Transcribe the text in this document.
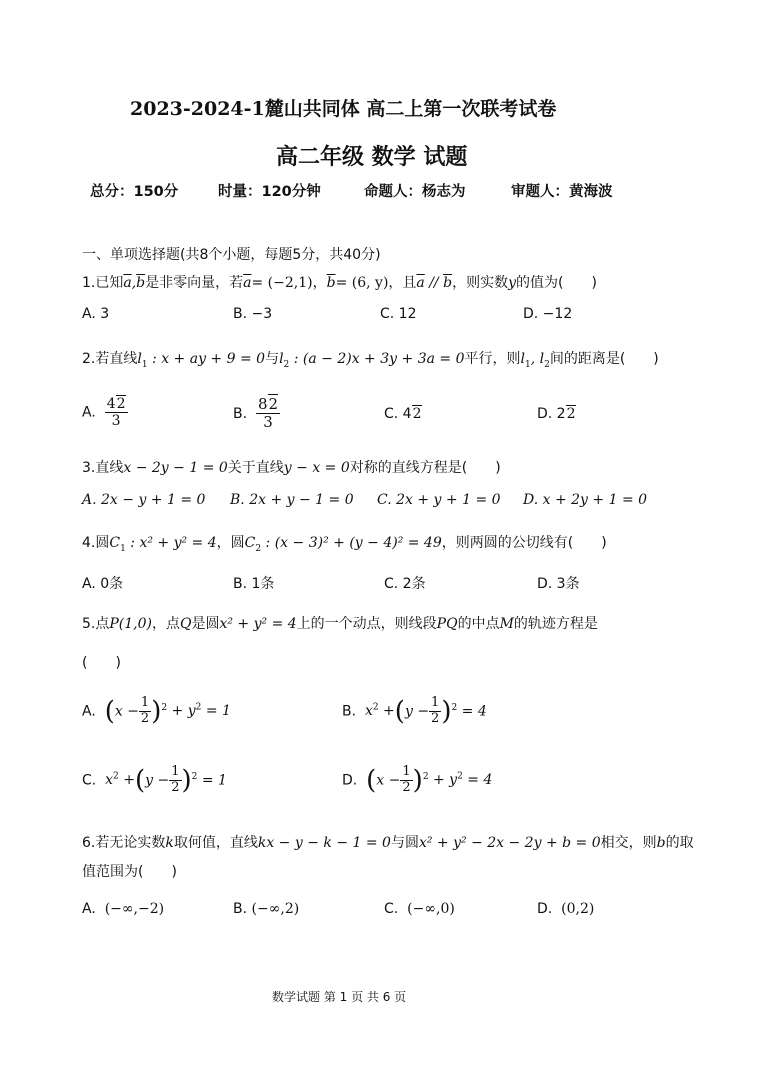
2023-2024-1麓山共同体 高二上第一次联考试卷
高二年级 数学 试题
总分：150分	时量：120分钟	命题人：杨志为	审题人：黄海波
一、单项选择题(共8个小题，每题5分，共40分)
1.已知$\overline{a},\overline{b}$是非零向量，若$\overline{a}= (-2,1)$，$\overline{b}= (6$, y)，且$\overline{a} // \overline{b}$，则实数y的值为(　　)
A. 3	B. −3	C. 12	D. −12
2.若直线$l_1$ : x + ay + 9 = 0与$l_2$ : (a − 2)x + 3y + 3a = 0平行，则$l_1$, $l_2$间的距离是(　　)
A. $\frac{42}{3}$	B. $\frac{82}{3}$	C. 42	D. 22
3.直线x − 2y − 1 = 0关于直线y − x = 0对称的直线方程是(　　)
A. 2x − y + 1 = 0 B. 2x + y − 1 = 0 C. 2x + y + 1 = 0 D. x + 2y + 1 = 0
4.圆$C_1$ : x² + y² = 4，圆$C_2$ : (x − 3)² + (y − 4)² = 49，则两圆的公切线有(　　)
A. 0条	B. 1条	C. 2条	D. 3条
5.点P(1,0)，点Q是圆x² + y² = 4上的一个动点，则线段PQ的中点M的轨迹方程是
(　　)
A. $(x - \frac{1}{2} )^2 + y^2 = 1$	B. $x^2 +(y - \frac{1}{2} )^2 = 4$
C. $x^2 +(y - \frac{1}{2} )^2 = 1$	D. $(x - \frac{1}{2} )^2 + y^2 = 4$
6.若无论实数k取何值，直线kx − y − k − 1 = 0与圆x² + y² − 2x − 2y + b = 0相交，则b的取
值范围为(　　)
A. (−∞,−2)	B. (−∞,2)	C. (−∞,0)	D. (0,2)
数学试题 第 1 页 共 6 页
